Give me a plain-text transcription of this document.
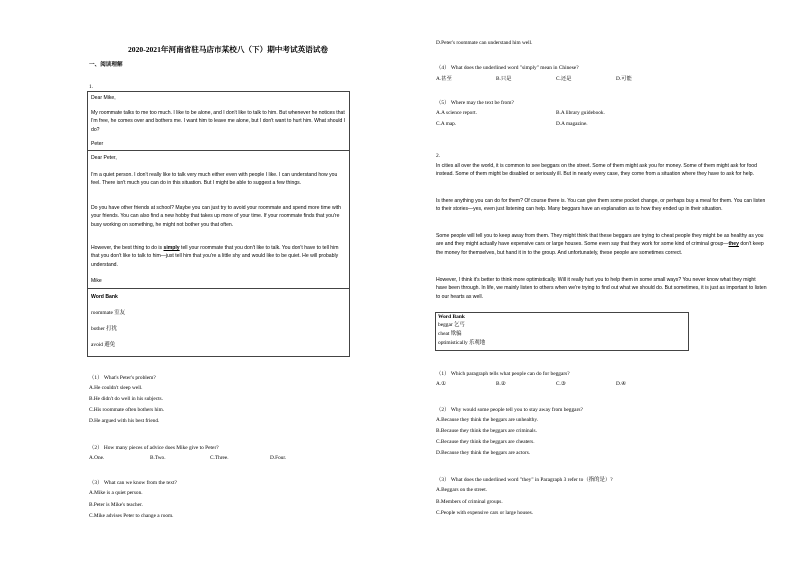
2020-2021年河南省驻马店市某校八（下）期中考试英语试卷
一、阅读理解
1.
Dear Mike,
My roommate talks to me too much. I like to be alone, and I don't like to talk to him. But whenever he notices that I'm free, he comes over and bothers me. I want him to leave me alone, but I don't want to hurt him. What should I do?
Peter
Dear Peter,
I'm a quiet person. I don't really like to talk very much either even with people I like. I can understand how you feel. There isn't much you can do in this situation. But I might be able to suggest a few things.
Do you have other friends at school? Maybe you can just try to avoid your roommate and spend more time with your friends. You can also find a new hobby that takes up more of your time. If your roommate finds that you're busy working on something, he might not bother you that often.
However, the best thing to do is simply tell your roommate that you don't like to talk. You don't have to tell him that you don't like to talk to him—just tell him that you're a little shy and would like to be quiet. He will probably understand.
Mike
Word Bank
roommate 室友
bother 打扰
avoid 避免
（1） What's Peter's problem?
A.He couldn't sleep well.
B.He didn't do well in his subjects.
C.His roommate often bothers him.
D.He argued with his best friend.
（2） How many pieces of advice does Mike give to Peter?
A.One.	B.Two.	C.Three.	D.Four.
（3） What can we know from the text?
A.Mike is a quiet person.
B.Peter is Mike's teacher.
C.Mike advises Peter to change a room.
D.Peter's roommate can understand him well.
（4） What does the underlined word "simply" mean in Chinese?
A.甚至	B.只是	C.还是	D.可能
（5） Where may the text be from?
A.A science report.	B.A library guidebook.
C.A map.	D.A magazine.
2.
In cities all over the world, it is common to see beggars on the street. Some of them might ask you for money. Some of them might ask for food instead. Some of them might be disabled or seriously ill. But in nearly every case, they come from a situation where they have to ask for help.
Is there anything you can do for them? Of course there is. You can give them some pocket change, or perhaps buy a meal for them. You can listen to their stories—yes, even just listening can help. Many beggars have an explanation as to how they ended up in their situation.
Some people will tell you to keep away from them. They might think that these beggars are trying to cheat people they might be as healthy as you are and they might actually have expensive cars or large houses. Some even say that they work for some kind of criminal group—they don't keep the money for themselves, but hand it in to the group. And unfortunately, these people are sometimes correct.
However, I think it's better to think more optimistically. Will it really hurt you to help them in some small ways? You never know what they might have been through. In life, we mainly listen to others when we're trying to find out what we should do. But sometimes, it is just as important to listen to our hearts as well.
Word Bank
beggar 乞丐
cheat 欺骗
optimistically 乐观地
（1） Which paragraph tells what people can do for beggars?
A.①	B.②	C.③	D.④
（2） Why would some people tell you to stay away from beggars?
A.Because they think the beggars are unhealthy.
B.Because they think the beggars are criminals.
C.Because they think the beggars are cheaters.
D.Because they think the beggars are actors.
（3） What does the underlined word "they" in Paragraph 3 refer to（指的是）?
A.Beggars on the street.
B.Members of criminal groups.
C.People with expensive cars or large houses.
